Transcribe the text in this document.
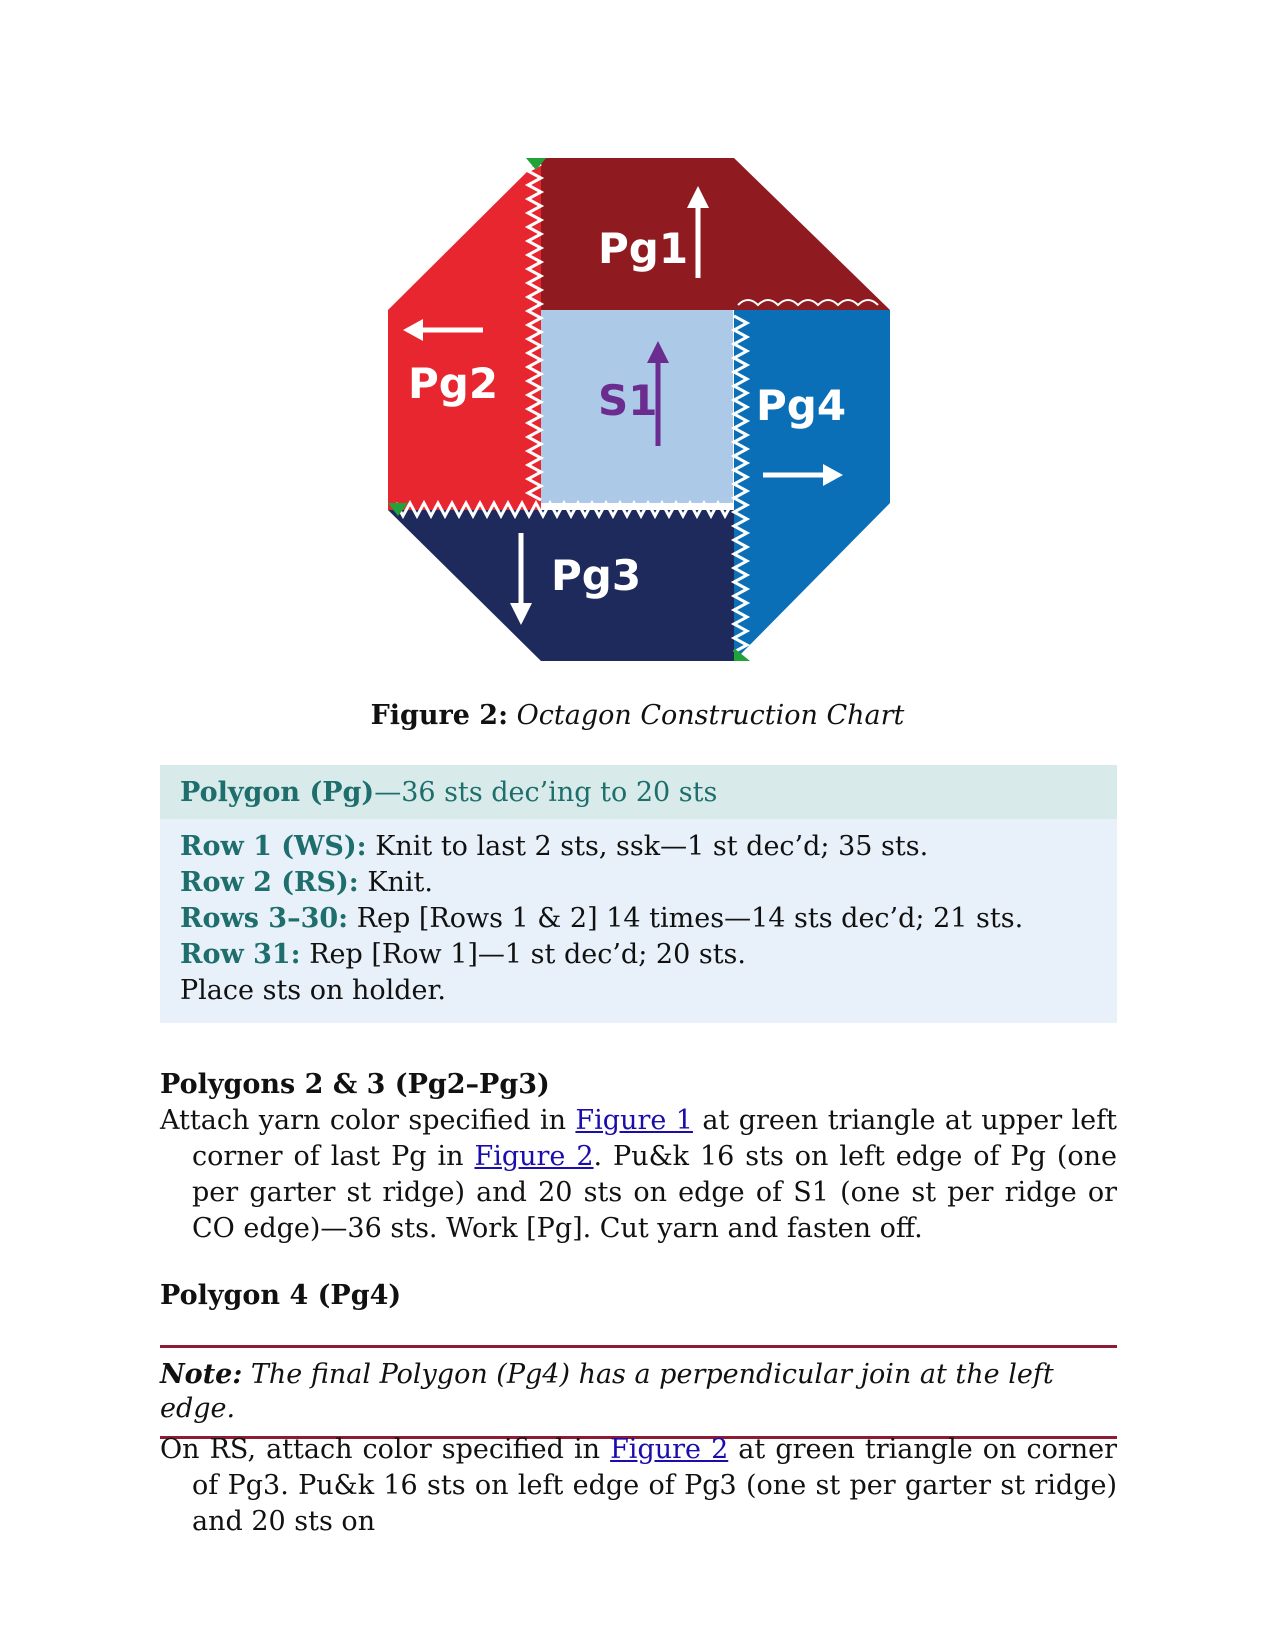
Pg1
Pg2 S1 Pg4
Pg3
Figure 2: Octagon Construction Chart
Polygon (Pg)—36 sts dec’ing to 20 sts
Row 1 (WS): Knit to last 2 sts, ssk—1 st dec’d; 35 sts.
Row 2 (RS): Knit.
Rows 3–30: Rep [Rows 1 & 2] 14 times—14 sts dec’d; 21 sts.
Row 31: Rep [Row 1]—1 st dec’d; 20 sts.
Place sts on holder.
Polygons 2 & 3 (Pg2–Pg3)

Attach yarn color specified in Figure 1 at green triangle at upper left corner of last Pg in Figure 2. Pu&k 16 sts on left edge of Pg (one per garter st ridge) and 20 sts on edge of S1 (one st per ridge or CO edge)—36 sts. Work [Pg]. Cut yarn and fasten off.

Polygon 4 (Pg4)
Note: The final Polygon (Pg4) has a perpendicular join at the left edge.

On RS, attach color specified in Figure 2 at green triangle on corner of Pg3. Pu&k 16 sts on left edge of Pg3 (one st per garter st ridge) and 20 sts on
